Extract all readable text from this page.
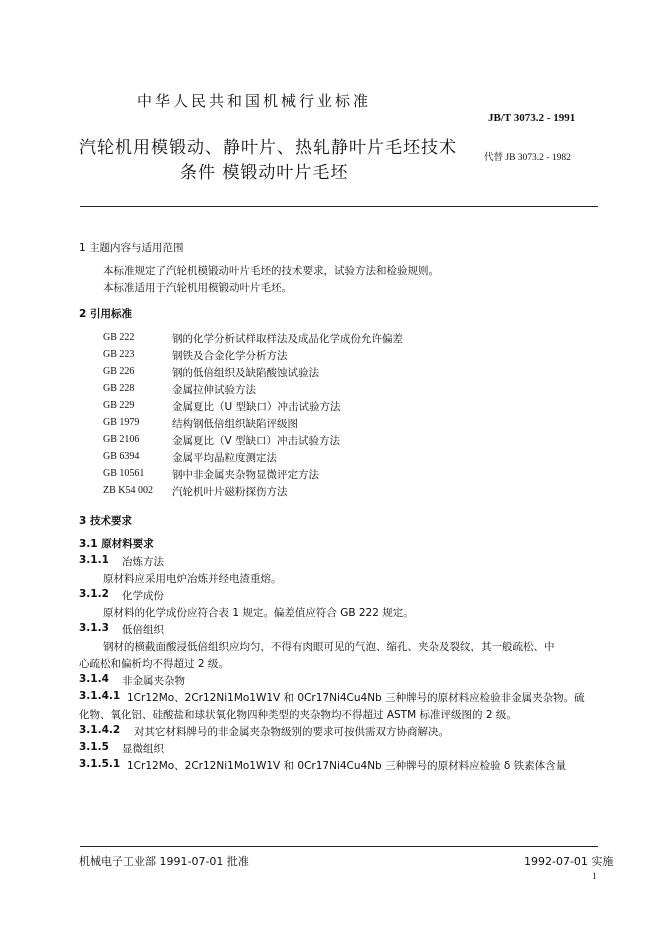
中华人民共和国机械行业标准
JB/T 3073.2 - 1991
汽轮机用模锻动、静叶片、热轧静叶片毛坯技术
条件 模锻动叶片毛坯
代替 JB 3073.2 - 1982
1 主题内容与适用范围
本标准规定了汽轮机模锻动叶片毛坯的技术要求，试验方法和检验规则。
本标准适用于汽轮机用模锻动叶片毛坯。
2 引用标准
GB 222	钢的化学分析试样取样法及成品化学成份允许偏差
GB 223	钢铁及合金化学分析方法
GB 226	钢的低倍组织及缺陷酸蚀试验法
GB 228	金属拉伸试验方法
GB 229	金属夏比（U 型缺口）冲击试验方法
GB 1979	结构钢低倍组织缺陷评级图
GB 2106	金属夏比（V 型缺口）冲击试验方法
GB 6394	金属平均晶粒度测定法
GB 10561	钢中非金属夹杂物显微评定方法
ZB K54 002 汽轮机叶片磁粉探伤方法
3 技术要求
3.1 原材料要求
3.1.1 冶炼方法
原材料应采用电炉冶炼并经电渣重熔。
3.1.2 化学成份
原材料的化学成份应符合表 1 规定。偏差值应符合 GB 222 规定。
3.1.3 低倍组织
钢材的横截面酸浸低倍组织应均匀，不得有肉眼可见的气泡、缩孔、夹杂及裂纹，其一般疏松、中
心疏松和偏析均不得超过 2 级。
3.1.4 非金属夹杂物
3.1.4.1 1Cr12Mo、2Cr12Ni1Mo1W1V 和 0Cr17Ni4Cu4Nb 三种牌号的原材料应检验非金属夹杂物。硫
化物、氧化铝、硅酸盐和球状氧化物四种类型的夹杂物均不得超过 ASTM 标准评级图的 2 级。
3.1.4.2 对其它材料牌号的非金属夹杂物级别的要求可按供需双方协商解决。
3.1.5 显微组织
3.1.5.1 1Cr12Mo、2Cr12Ni1Mo1W1V 和 0Cr17Ni4Cu4Nb 三种牌号的原材料应检验 δ 铁素体含量
机械电子工业部 1991-07-01 批准	1992-07-01 实施
1
